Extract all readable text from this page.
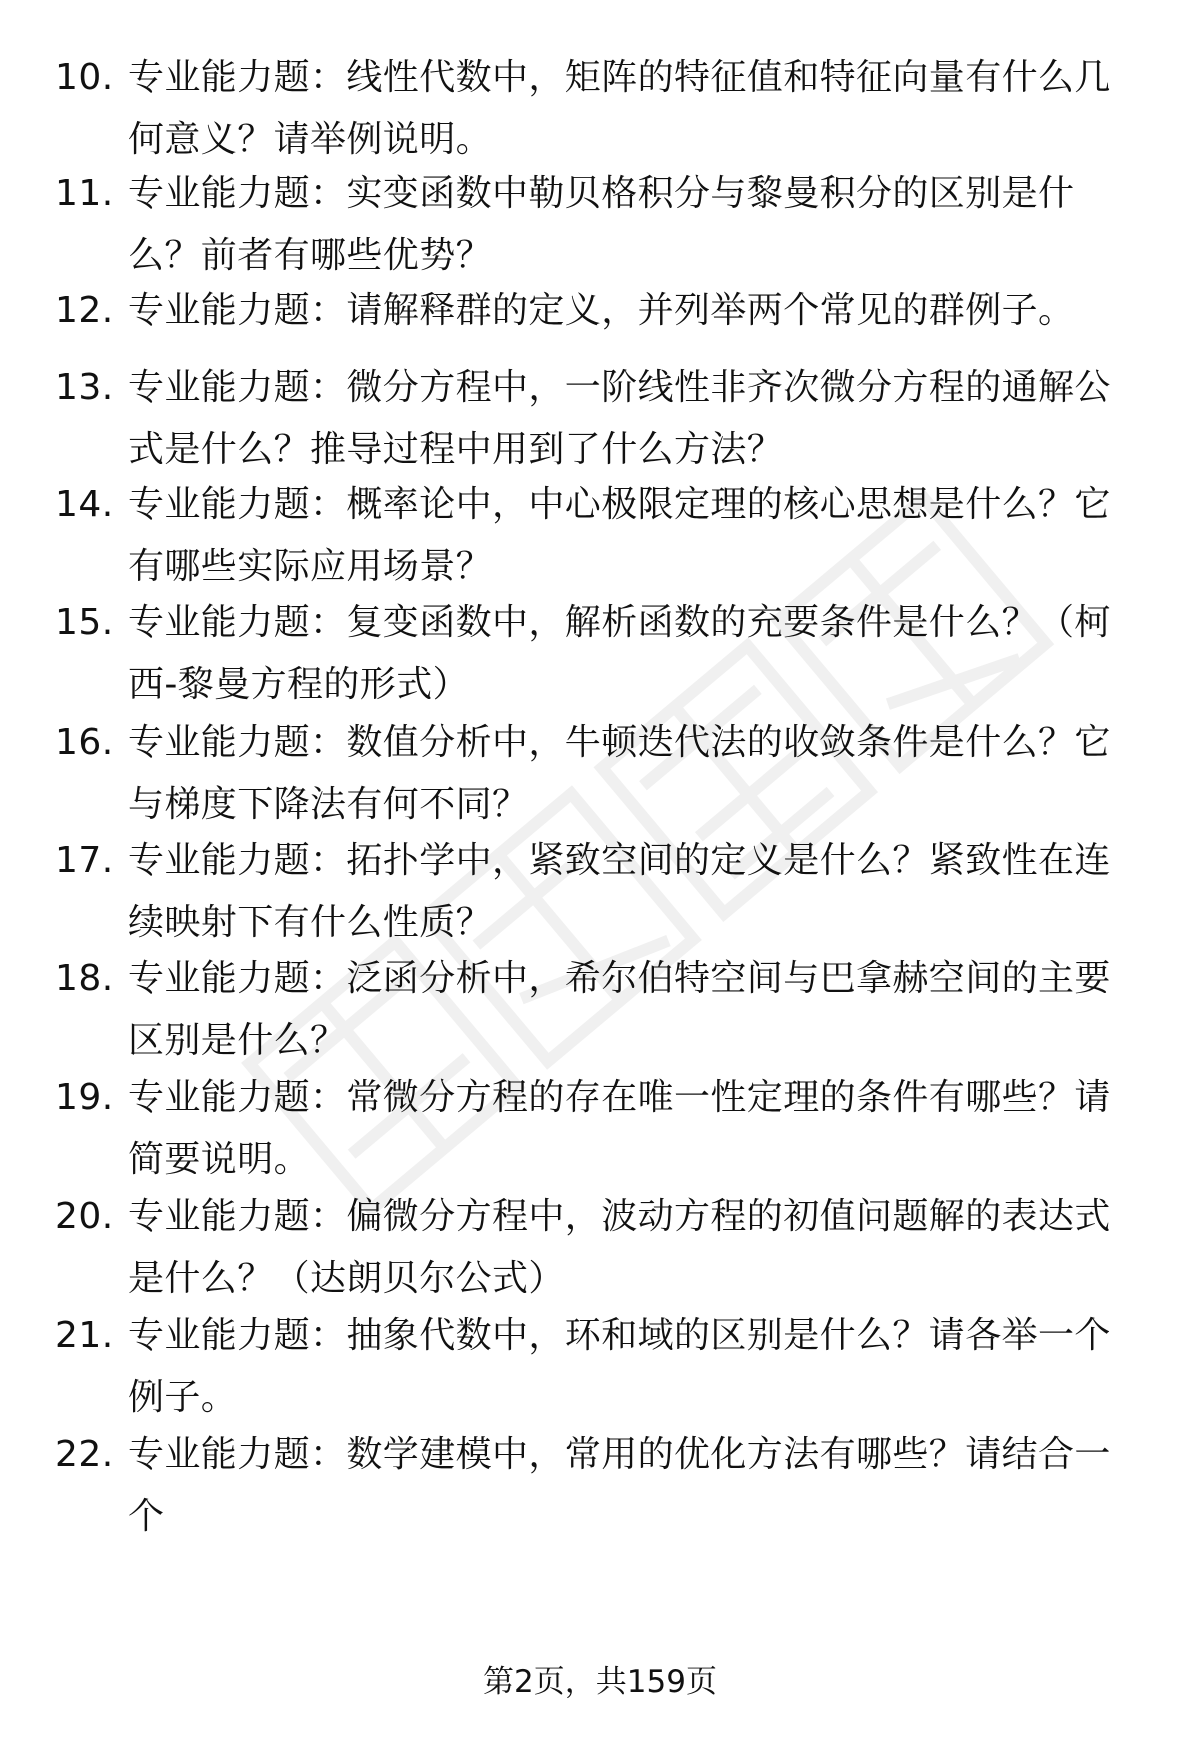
10. 专业能力题：线性代数中，矩阵的特征值和特征向量有什么几何意义？请举例说明。
11. 专业能力题：实变函数中勒贝格积分与黎曼积分的区别是什么？前者有哪些优势？
12. 专业能力题：请解释群的定义，并列举两个常见的群例子。
13. 专业能力题：微分方程中，一阶线性非齐次微分方程的通解公式是什么？推导过程中用到了什么方法？
14. 专业能力题：概率论中，中心极限定理的核心思想是什么？它有哪些实际应用场景？
15. 专业能力题：复变函数中，解析函数的充要条件是什么？（柯西-黎曼方程的形式）
16. 专业能力题：数值分析中，牛顿迭代法的收敛条件是什么？它与梯度下降法有何不同？
17. 专业能力题：拓扑学中，紧致空间的定义是什么？紧致性在连续映射下有什么性质？
18. 专业能力题：泛函分析中，希尔伯特空间与巴拿赫空间的主要区别是什么？
19. 专业能力题：常微分方程的存在唯一性定理的条件有哪些？请简要说明。
20. 专业能力题：偏微分方程中，波动方程的初值问题解的表达式是什么？（达朗贝尔公式）
21. 专业能力题：抽象代数中，环和域的区别是什么？请各举一个例子。
22. 专业能力题：数学建模中，常用的优化方法有哪些？请结合一个
第2页，共159页
